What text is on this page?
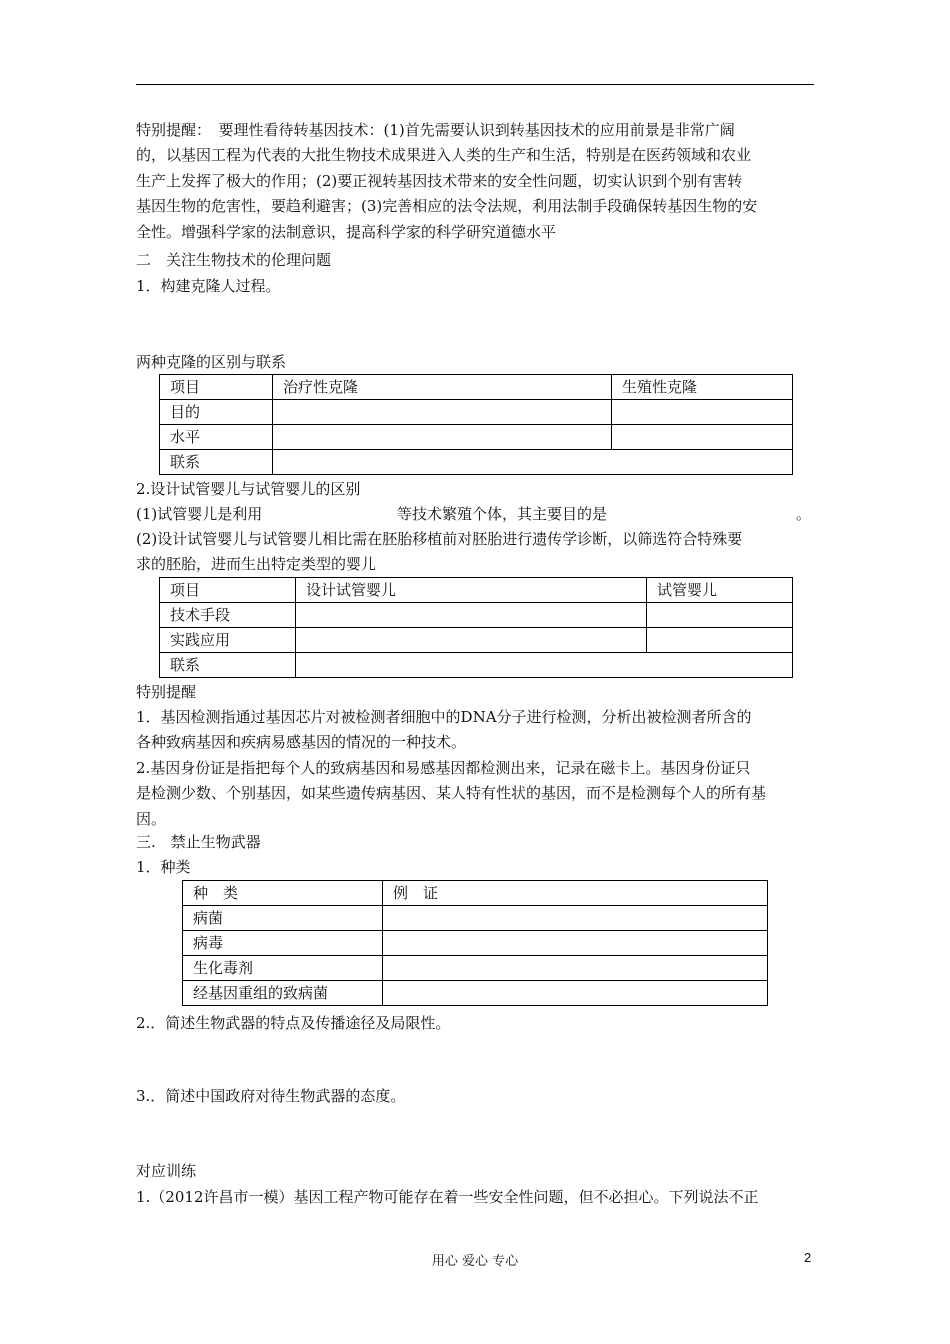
特别提醒：　要理性看待转基因技术：(1)首先需要认识到转基因技术的应用前景是非常广阔
的，以基因工程为代表的大批生物技术成果进入人类的生产和生活，特别是在医药领域和农业
生产上发挥了极大的作用；(2)要正视转基因技术带来的安全性问题，切实认识到个别有害转
基因生物的危害性，要趋利避害；(3)完善相应的法令法规，利用法制手段确保转基因生物的安
全性。增强科学家的法制意识，提高科学家的科学研究道德水平
二　关注生物技术的伦理问题
1．构建克隆人过程。
两种克隆的区别与联系
项目	治疗性克隆	生殖性克隆
目的		
水平		
联系		
2.设计试管婴儿与试管婴儿的区别
(1)试管婴儿是利用	等技术繁殖个体，其主要目的是	。
(2)设计试管婴儿与试管婴儿相比需在胚胎移植前对胚胎进行遗传学诊断，以筛选符合特殊要
求的胚胎，进而生出特定类型的婴儿
项目	设计试管婴儿	试管婴儿
技术手段		
实践应用		
联系		
特别提醒
1．基因检测指通过基因芯片对被检测者细胞中的DNA分子进行检测，分析出被检测者所含的
各种致病基因和疾病易感基因的情况的一种技术。
2.基因身份证是指把每个人的致病基因和易感基因都检测出来，记录在磁卡上。基因身份证只
是检测少数、个别基因，如某些遗传病基因、某人特有性状的基因，而不是检测每个人的所有基
因。
三.　禁止生物武器
1．种类
种　类	例　证
病菌	
病毒	
生化毒剂	
经基因重组的致病菌	
2.．简述生物武器的特点及传播途径及局限性。
3.．简述中国政府对待生物武器的态度。
对应训练
1.（2012许昌市一模）基因工程产物可能存在着一些安全性问题，但不必担心。下列说法不正
用心 爱心 专心	2
